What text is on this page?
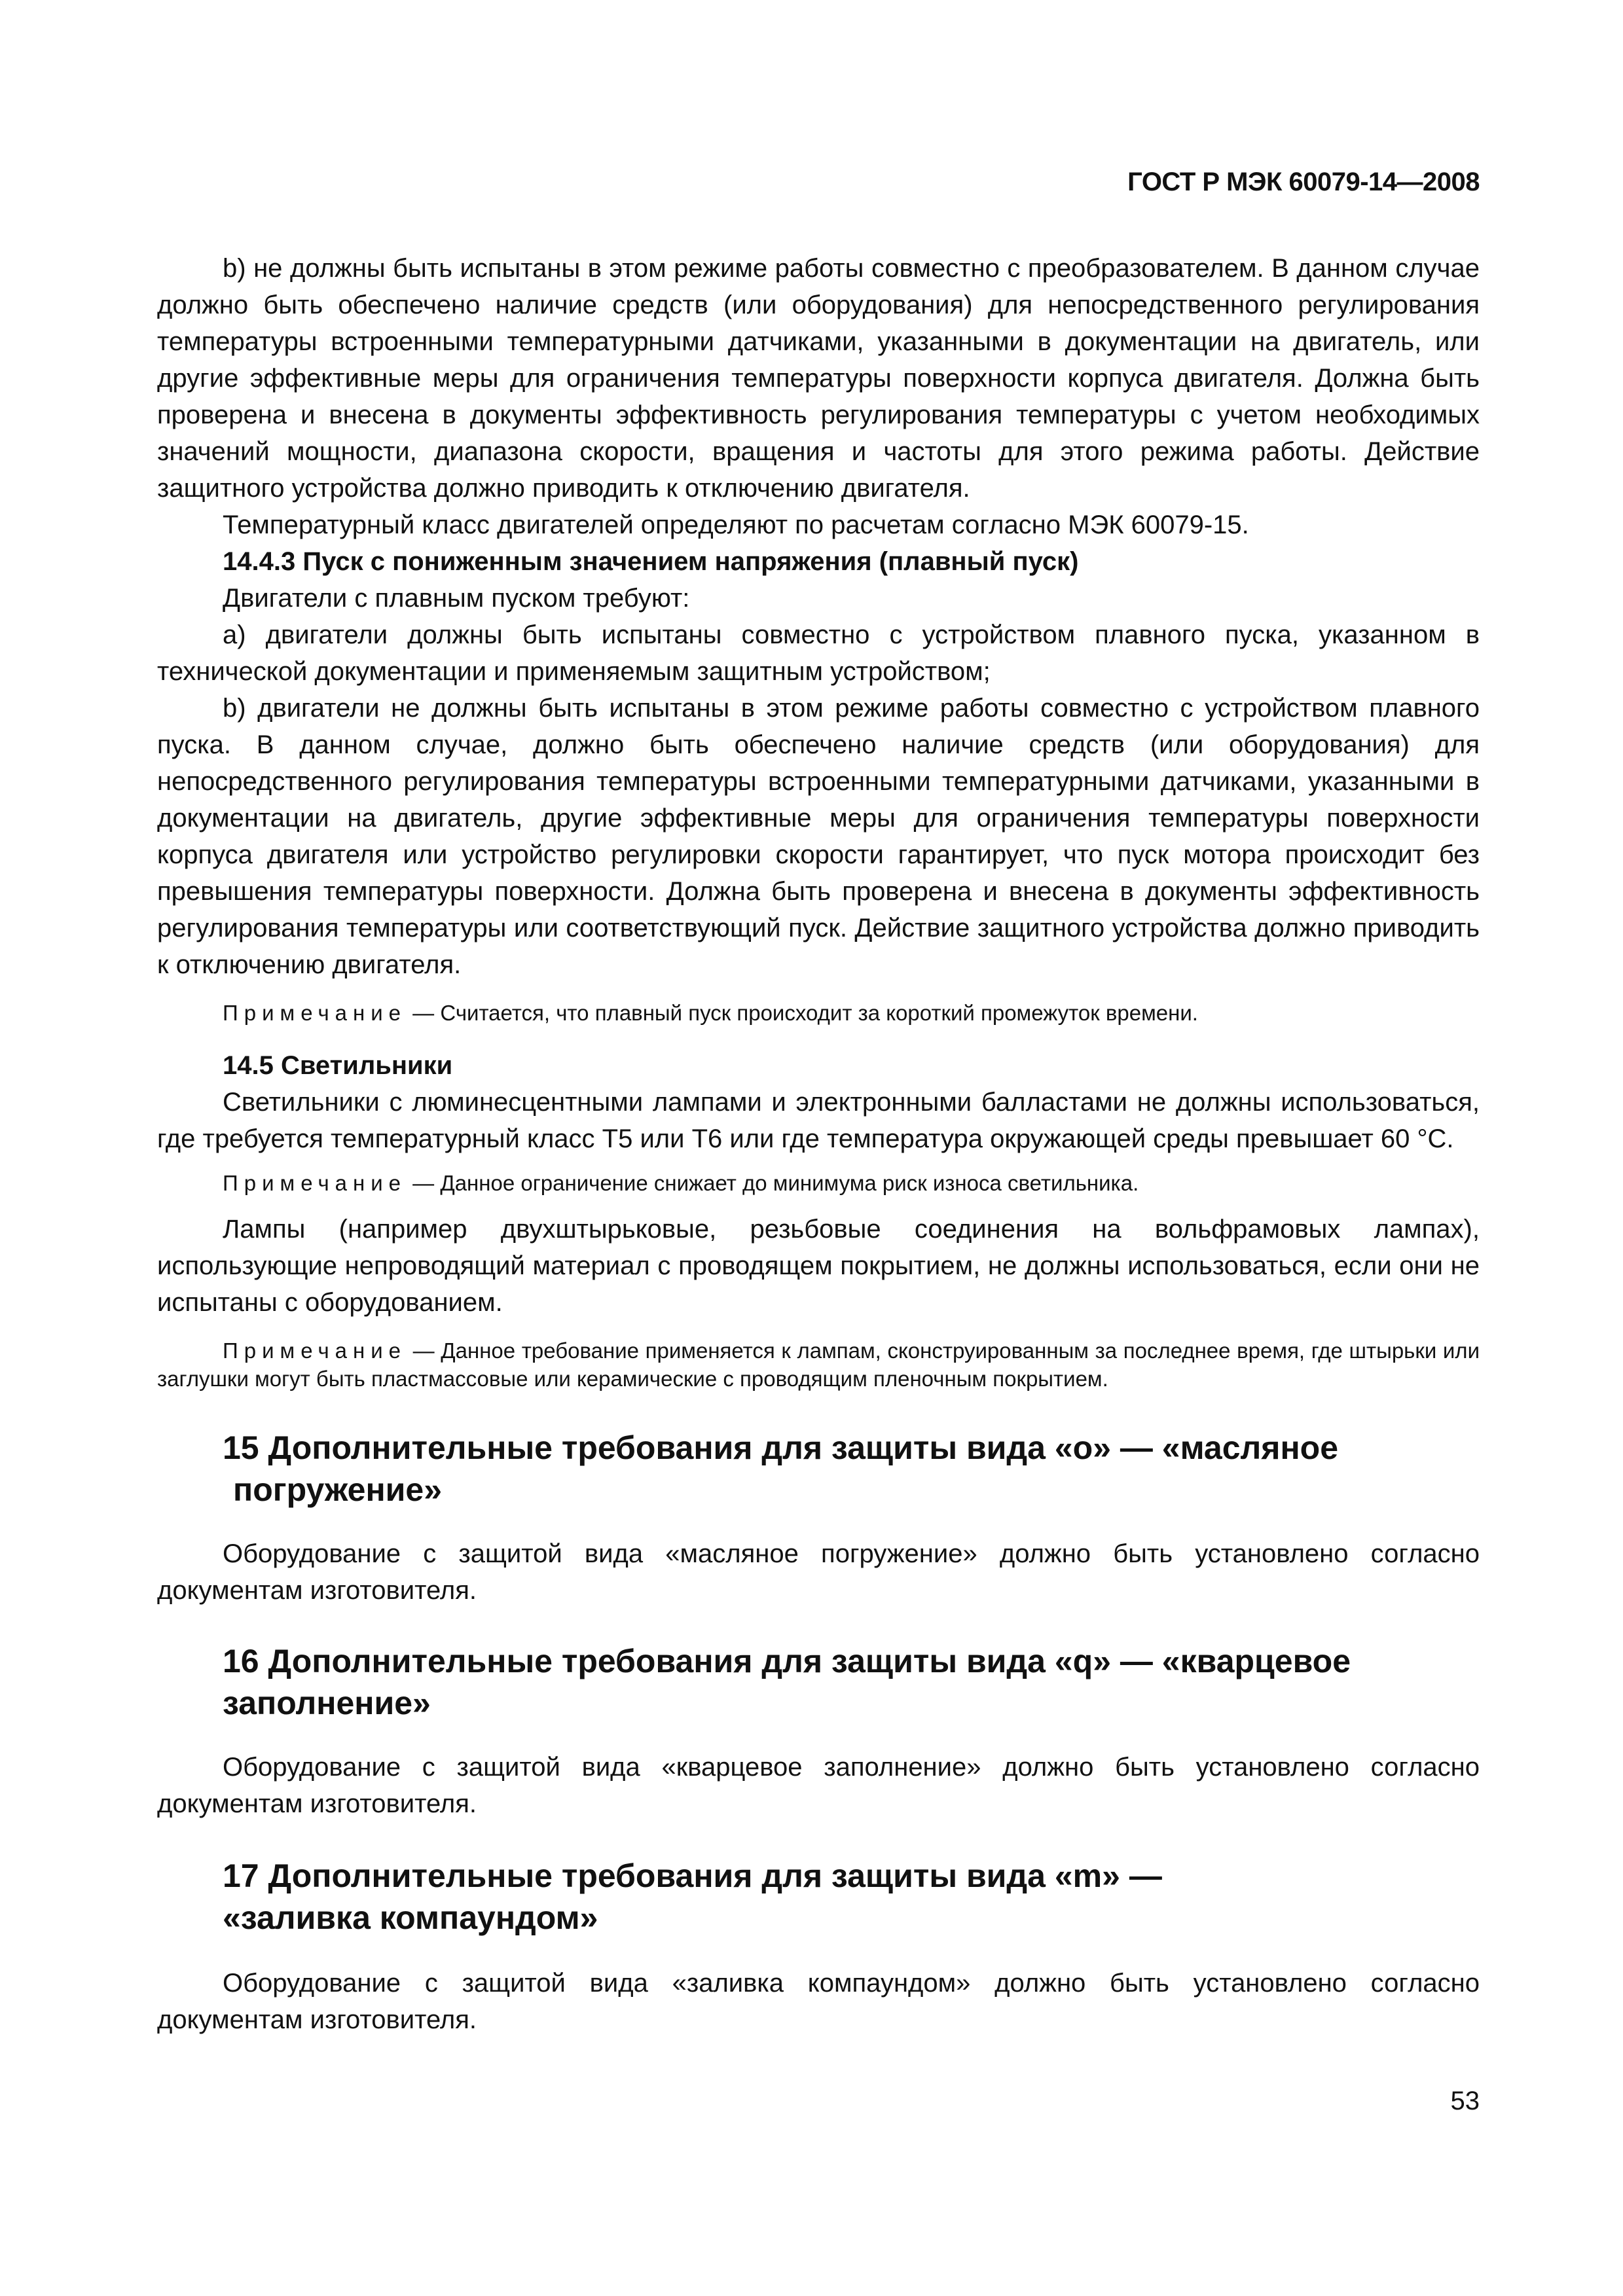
ГОСТ Р МЭК 60079-14—2008

b) не должны быть испытаны в этом режиме работы совместно с преобразователем. В данном случае должно быть обеспечено наличие средств (или оборудования) для непосредственного регулирования температуры встроенными температурными датчиками, указанными в документации на двигатель, или другие эффективные меры для ограничения температуры поверхности корпуса двигателя. Должна быть проверена и внесена в документы эффективность регулирования температуры с учетом необходимых значений мощности, диапазона скорости, вращения и частоты для этого режима работы. Действие защитного устройства должно приводить к отключению двигателя.

Температурный класс двигателей определяют по расчетам согласно МЭК 60079-15.

14.4.3 Пуск с пониженным значением напряжения (плавный пуск)

Двигатели с плавным пуском требуют:

а) двигатели должны быть испытаны совместно с устройством плавного пуска, указанном в технической документации и применяемым защитным устройством;

b) двигатели не должны быть испытаны в этом режиме работы совместно с устройством плавного пуска. В данном случае, должно быть обеспечено наличие средств (или оборудования) для непосредственного регулирования температуры встроенными температурными датчиками, указанными в документации на двигатель, другие эффективные меры для ограничения температуры поверхности корпуса двигателя или устройство регулировки скорости гарантирует, что пуск мотора происходит без превышения температуры поверхности. Должна быть проверена и внесена в документы эффективность регулирования температуры или соответствующий пуск. Действие защитного устройства должно приводить к отключению двигателя.

Примечание — Считается, что плавный пуск происходит за короткий промежуток времени.

14.5 Светильники

Светильники с люминесцентными лампами и электронными балластами не должны использоваться, где требуется температурный класс Т5 или Т6 или где температура окружающей среды превышает 60 °С.

Примечание — Данное ограничение снижает до минимума риск износа светильника.

Лампы (например двухштырьковые, резьбовые соединения на вольфрамовых лампах), использующие непроводящий материал с проводящем покрытием, не должны использоваться, если они не испытаны с оборудованием.

Примечание — Данное требование применяется к лампам, сконструированным за последнее время, где штырьки или заглушки могут быть пластмассовые или керамические с проводящим пленочным покрытием.

15 Дополнительные требования для защиты вида «о» — «масляное
погружение»

Оборудование с защитой вида «масляное погружение» должно быть установлено согласно документам изготовителя.

16 Дополнительные требования для защиты вида «q» — «кварцевое
заполнение»

Оборудование с защитой вида «кварцевое заполнение» должно быть установлено согласно документам изготовителя.

17 Дополнительные требования для защиты вида «m» —
«заливка компаундом»

Оборудование с защитой вида «заливка компаундом» должно быть установлено согласно документам изготовителя.

53
